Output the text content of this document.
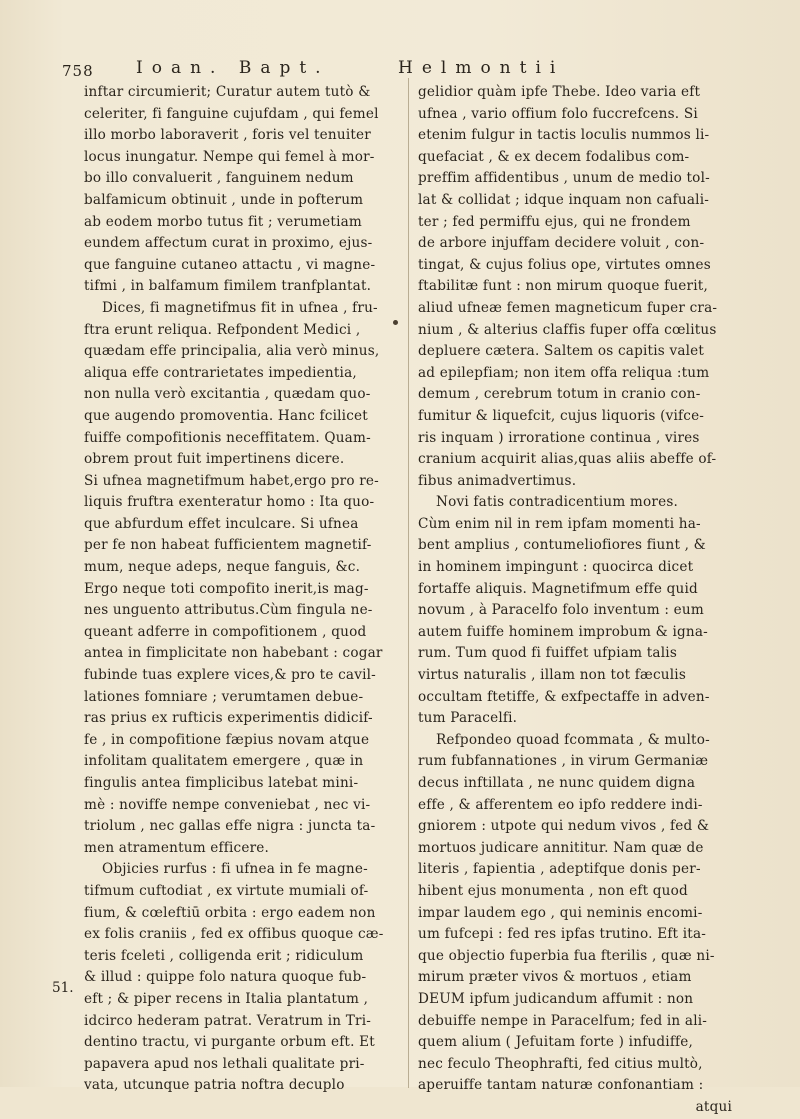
758 Ioan. Bapt.	Helmontii
51.
inftar circumierit; Curatur autem tutò &
celeriter, fi fanguine cujufdam , qui femel
illo morbo laboraverit , foris vel tenuiter
locus inungatur. Nempe qui femel à mor-
bo illo convaluerit , fanguinem nedum
balfamicum obtinuit , unde in pofterum
ab eodem morbo tutus fit ; verumetiam
eundem affectum curat in proximo, ejus-
que fanguine cutaneo attactu , vi magne-
tifmi , in balfamum fimilem tranfplantat.
Dices, fi magnetifmus fit in ufnea , fru-
ftra erunt reliqua. Refpondent Medici ,
quædam effe principalia, alia verò minus,
aliqua effe contrarietates impedientia,
non nulla verò excitantia , quædam quo-
que augendo promoventia. Hanc fcilicet
fuiffe compofitionis neceffitatem. Quam-
obrem prout fuit impertinens dicere.
Si ufnea magnetifmum habet,ergo pro re-
liquis fruftra exenteratur homo : Ita quo-
que abfurdum effet inculcare. Si ufnea
per fe non habeat fufficientem magnetif-
mum, neque adeps, neque fanguis, &c.
Ergo neque toti compofito inerit,is mag-
nes unguento attributus.Cùm fingula ne-
queant adferre in compofitionem , quod
antea in fimplicitate non habebant : cogar
fubinde tuas explere vices,& pro te cavil-
lationes fomniare ; verumtamen debue-
ras prius ex rufticis experimentis didicif-
fe , in compofitione fæpius novam atque
infolitam qualitatem emergere , quæ in
fingulis antea fimplicibus latebat mini-
mè : noviffe nempe conveniebat , nec vi-
triolum , nec gallas effe nigra : juncta ta-
men atramentum efficere.
Objicies rurfus : fi ufnea in fe magne-
tifmum cuftodiat , ex virtute mumiali of-
fium, & cœleftiū orbita : ergo eadem non
ex folis craniis , fed ex offibus quoque cæ-
teris fceleti , colligenda erit ; ridiculum
& illud : quippe folo natura quoque fub-
eft ; & piper recens in Italia plantatum ,
idcirco hederam patrat. Veratrum in Tri-
dentino tractu, vi purgante orbum eft. Et
papavera apud nos lethali qualitate pri-
vata, utcunque patria noftra decuplo
gelidior quàm ipfe Thebe. Ideo varia eft
ufnea , vario offium folo fuccrefcens. Si
etenim fulgur in tactis loculis nummos li-
quefaciat , & ex decem fodalibus com-
preffim affidentibus , unum de medio tol-
lat & collidat ; idque inquam non cafuali-
ter ; fed permiffu ejus, qui ne frondem
de arbore injuffam decidere voluit , con-
tingat, & cujus folius ope, virtutes omnes
ftabilitæ funt : non mirum quoque fuerit,
aliud ufneæ femen magneticum fuper cra-
nium , & alterius claffis fuper offa cœlitus
depluere cætera. Saltem os capitis valet
ad epilepfiam; non item offa reliqua :tum
demum , cerebrum totum in cranio con-
fumitur & liquefcit, cujus liquoris (vifce-
ris inquam ) irroratione continua , vires
cranium acquirit alias,quas aliis abeffe of-
fibus animadvertimus.
Novi fatis contradicentium mores.
Cùm enim nil in rem ipfam momenti ha-
bent amplius , contumeliofiores fiunt , &
in hominem impingunt : quocirca dicet
fortaffe aliquis. Magnetifmum effe quid
novum , à Paracelfo folo inventum : eum
autem fuiffe hominem improbum & igna-
rum. Tum quod fi fuiffet ufpiam talis
virtus naturalis , illam non tot fæculis
occultam ftetiffe, & exfpectaffe in adven-
tum Paracelfi.
Refpondeo quoad fcommata , & multo-
rum fubfannationes , in virum Germaniæ
decus inftillata , ne nunc quidem digna
effe , & afferentem eo ipfo reddere indi-
gniorem : utpote qui nedum vivos , fed &
mortuos judicare annititur. Nam quæ de
literis , fapientia , adeptifque donis per-
hibent ejus monumenta , non eft quod
impar laudem ego , qui neminis encomi-
um fufcepi : fed res ipfas trutino. Eft ita-
que objectio fuperbia fua fterilis , quæ ni-
mirum præter vivos & mortuos , etiam
DEUM ipfum judicandum affumit : non
debuiffe nempe in Paracelfum; fed in ali-
quem alium ( Jefuitam forte ) infudiffe,
nec feculo Theophrafti, fed citius multò,
aperuiffe tantam naturæ confonantiam :
atqui
